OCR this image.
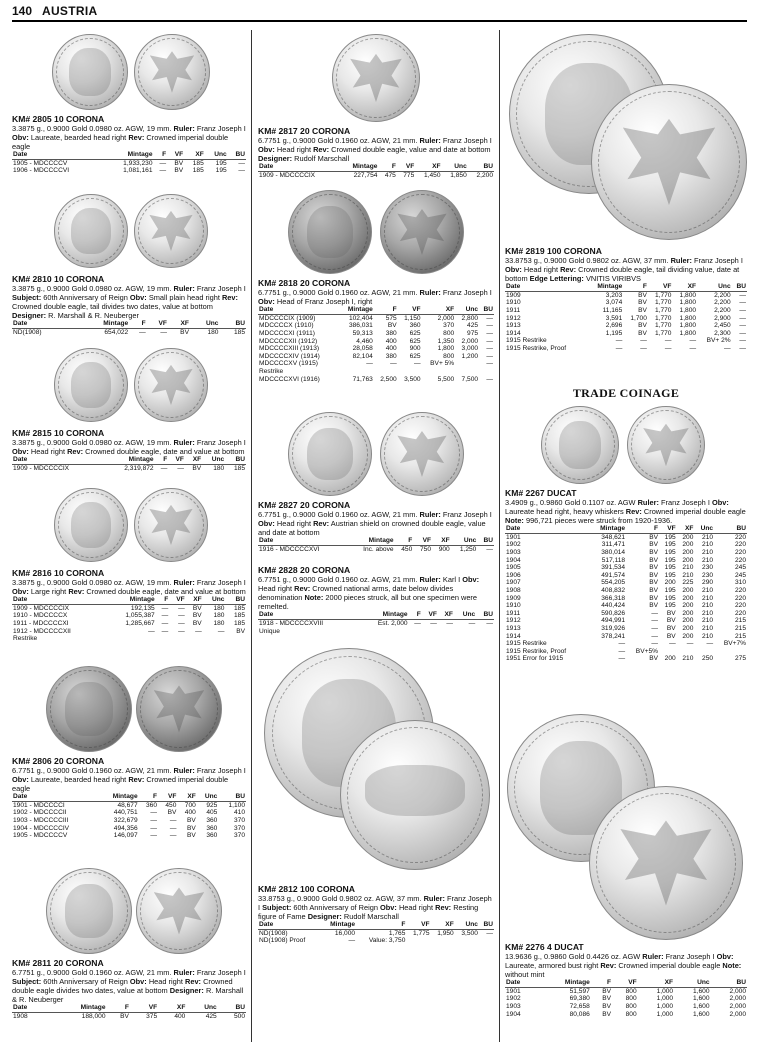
140 AUSTRIA
KM# 2805 10 CORONA
3.3875 g., 0.9000 Gold 0.0980 oz. AGW, 19 mm. Ruler: Franz Joseph I Obv: Laureate, bearded head right Rev: Crowned imperial double eagle
Date	Mintage	F	VF	XF	Unc	BU
1905 - MDCCCCV	1,933,230	—	BV	185	195	—
1906 - MDCCCCVI	1,081,161	—	BV	185	195	—
KM# 2810 10 CORONA
3.3875 g., 0.9000 Gold 0.0980 oz. AGW, 19 mm. Ruler: Franz Joseph I Subject: 60th Anniversary of Reign Obv: Small plain head right Rev: Crowned double eagle, tail divides two dates, value at bottom Designer: R. Marshall & R. Neuberger
Date	Mintage	F	VF	XF	Unc	BU
ND(1908)	654,022	—	—	BV	180	185
KM# 2815 10 CORONA
3.3875 g., 0.9000 Gold 0.0980 oz. AGW, 19 mm. Ruler: Franz Joseph I Obv: Head right Rev: Crowned double eagle, date and value at bottom
Date	Mintage	F	VF	XF	Unc	BU
1909 - MDCCCCIX	2,319,872	—	—	BV	180	185
KM# 2816 10 CORONA
3.3875 g., 0.9000 Gold 0.0980 oz. AGW, 19 mm. Ruler: Franz Joseph I Obv: Large right Rev: Crowned double eagle, date and value at bottom
Date	Mintage	F	VF	XF	Unc	BU
1909 - MDCCCCIX	192,135	—	—	BV	180	185
1910 - MDCCCCX	1,055,387	—	—	BV	180	185
1911 - MDCCCCXI	1,285,667	—	—	BV	180	185
1912 - MDCCCCXII	—	—	—	—	—	BV
Restrike						
KM# 2806 20 CORONA
6.7751 g., 0.9000 Gold 0.1960 oz. AGW, 21 mm. Ruler: Franz Joseph I Obv: Laureate, bearded head right Rev: Crowned imperial double eagle
Date	Mintage	F	VF	XF	Unc	BU
1901 - MDCCCCI	48,677	360	450	700	925	1,100
1902 - MDCCCCII	440,751	—	BV	400	405	410
1903 - MDCCCCIII	322,679	—	—	BV	360	370
1904 - MDCCCCIV	494,356	—	—	BV	360	370
1905 - MDCCCCV	146,097	—	—	BV	360	370
KM# 2811 20 CORONA
6.7751 g., 0.9000 Gold 0.1960 oz. AGW, 21 mm. Ruler: Franz Joseph I Subject: 60th Anniversary of Reign Obv: Head right Rev: Crowned double eagle divides two dates, value at bottom Designer: R. Marshall & R. Neuberger
Date	Mintage	F	VF	XF	Unc	BU
1908	188,000	BV	375	400	425	500
KM# 2817 20 CORONA
6.7751 g., 0.9000 Gold 0.1960 oz. AGW, 21 mm. Ruler: Franz Joseph I Obv: Head right Rev: Crowned double eagle, value and date at bottom Designer: Rudolf Marschall
Date	Mintage	F	VF	XF	Unc	BU
1909 - MDCCCCIX	227,754	475	775	1,450	1,850	2,200
KM# 2818 20 CORONA
6.7751 g., 0.9000 Gold 0.1960 oz. AGW, 21 mm. Ruler: Franz Joseph I Obv: Head of Franz Joseph I, right
Date	Mintage	F	VF	XF	Unc	BU
MDCCCCIX (1909)	102,404	575	1,150	2,000	2,800	—
MDCCCCX (1910)	386,031	BV	360	370	425	—
MDCCCCXI (1911)	59,313	380	625	800	975	—
MDCCCCXII (1912)	4,460	400	625	1,350	2,000	—
MDCCCCXIII (1913)	28,058	400	900	1,800	3,000	—
MDCCCCXIV (1914)	82,104	380	625	800	1,200	—
MDCCCCXV (1915)	—	—	—	BV+ 5%		—
Restrike						
MDCCCCXVI (1916)	71,763	2,500	3,500	5,500	7,500	—
KM# 2827 20 CORONA
6.7751 g., 0.9000 Gold 0.1960 oz. AGW, 21 mm. Ruler: Franz Joseph I Obv: Head right Rev: Austrian shield on crowned double eagle, value and date at bottom
Date	Mintage	F	VF	XF	Unc	BU
1916 - MDCCCCXVI	Inc. above	450	750	900	1,250	—
KM# 2828 20 CORONA
6.7751 g., 0.9000 Gold 0.1960 oz. AGW, 21 mm. Ruler: Karl I Obv: Head right Rev: Crowned national arms, date below divides denomination Note: 2000 pieces struck, all but one specimen were remelted.
Date	Mintage	F	VF	XF	Unc	BU
1918 - MDCCCCXVIII	Est. 2,000	—	—	—	—	—
Unique						
KM# 2812 100 CORONA
33.8753 g., 0.9000 Gold 0.9802 oz. AGW, 37 mm. Ruler: Franz Joseph I Subject: 60th Anniversary of Reign Obv: Head right Rev: Resting figure of Fame Designer: Rudolf Marschall
Date	Mintage	F	VF	XF	Unc	BU
ND(1908)	16,000	1,765	1,775	1,950	3,500	—
ND(1908) Proof	—	Value: 3,750				
KM# 2819 100 CORONA
33.8753 g., 0.9000 Gold 0.9802 oz. AGW, 37 mm. Ruler: Franz Joseph I Obv: Head right Rev: Crowned double eagle, tail dividing value, date at bottom Edge Lettering: VNITIS VIRIBVS
Date	Mintage	F	VF	XF	Unc	BU
1909	3,203	BV	1,770	1,800	2,200	—
1910	3,074	BV	1,770	1,800	2,200	—
1911	11,165	BV	1,770	1,800	2,200	—
1912	3,591	1,700	1,770	1,800	2,900	—
1913	2,696	BV	1,770	1,800	2,450	—
1914	1,195	BV	1,770	1,800	2,300	—
1915 Restrike	—	—	—	—	BV+ 2%	—
1915 Restrike, Proof	—	—	—	—	—	—
TRADE COINAGE
KM# 2267 DUCAT
3.4909 g., 0.9860 Gold 0.1107 oz. AGW Ruler: Franz Joseph I Obv: Laureate head right, heavy whiskers Rev: Crowned imperial double eagle Note: 996,721 pieces were struck from 1920-1936.
Date	Mintage	F	VF	XF	Unc	BU
1901	348,621	BV	195	200	210	220
1902	311,471	BV	195	200	210	220
1903	380,014	BV	195	200	210	220
1904	517,118	BV	195	200	210	220
1905	391,534	BV	195	210	230	245
1906	491,574	BV	195	210	230	245
1907	554,205	BV	200	225	290	310
1908	408,832	BV	195	200	210	220
1909	366,318	BV	195	200	210	220
1910	440,424	BV	195	200	210	220
1911	590,826	—	BV	200	210	220
1912	494,991	—	BV	200	210	215
1913	319,926	—	BV	200	210	215
1914	378,241	—	BV	200	210	215
1915 Restrike	—	—	—	—	—	BV+7%
1915 Restrike, Proof	—	BV+5%				
1951 Error for 1915	—	BV	200	210	250	275
KM# 2276 4 DUCAT
13.9636 g., 0.9860 Gold 0.4426 oz. AGW Ruler: Franz Joseph I Obv: Laureate, armored bust right Rev: Crowned imperial double eagle Note: without mint
Date	Mintage	F	VF	XF	Unc	BU
1901	51,597	BV	800	1,000	1,600	2,000
1902	69,380	BV	800	1,000	1,600	2,000
1903	72,658	BV	800	1,000	1,600	2,000
1904	80,086	BV	800	1,000	1,600	2,000
